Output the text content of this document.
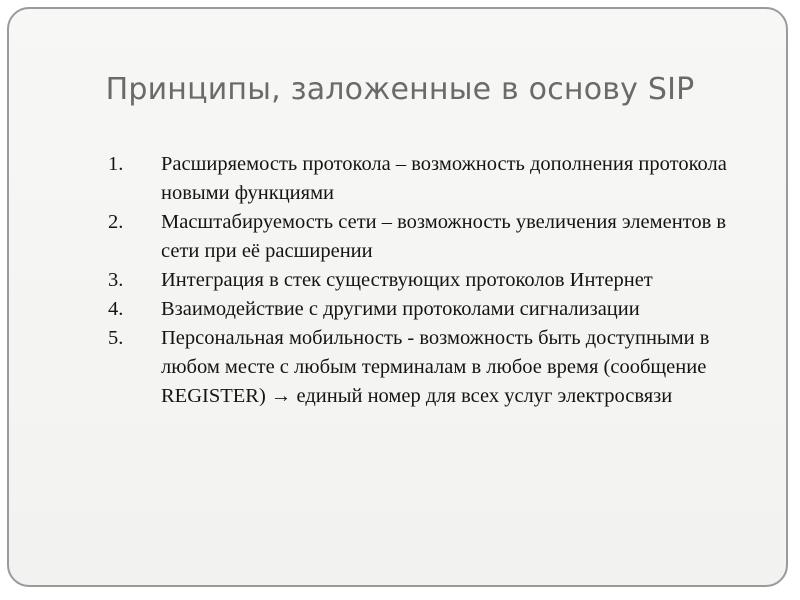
Принципы, заложенные в основу SIP
1. Расширяемость протокола – возможность дополнения протокола новыми функциями
2. Масштабируемость сети – возможность увеличения элементов в сети при её расширении
3. Интеграция в стек существующих протоколов Интернет
4. Взаимодействие с другими протоколами сигнализации
5. Персональная мобильность - возможность быть доступными в любом месте с любым терминалам в любое время (сообщение REGISTER) → единый номер для всех услуг электросвязи
